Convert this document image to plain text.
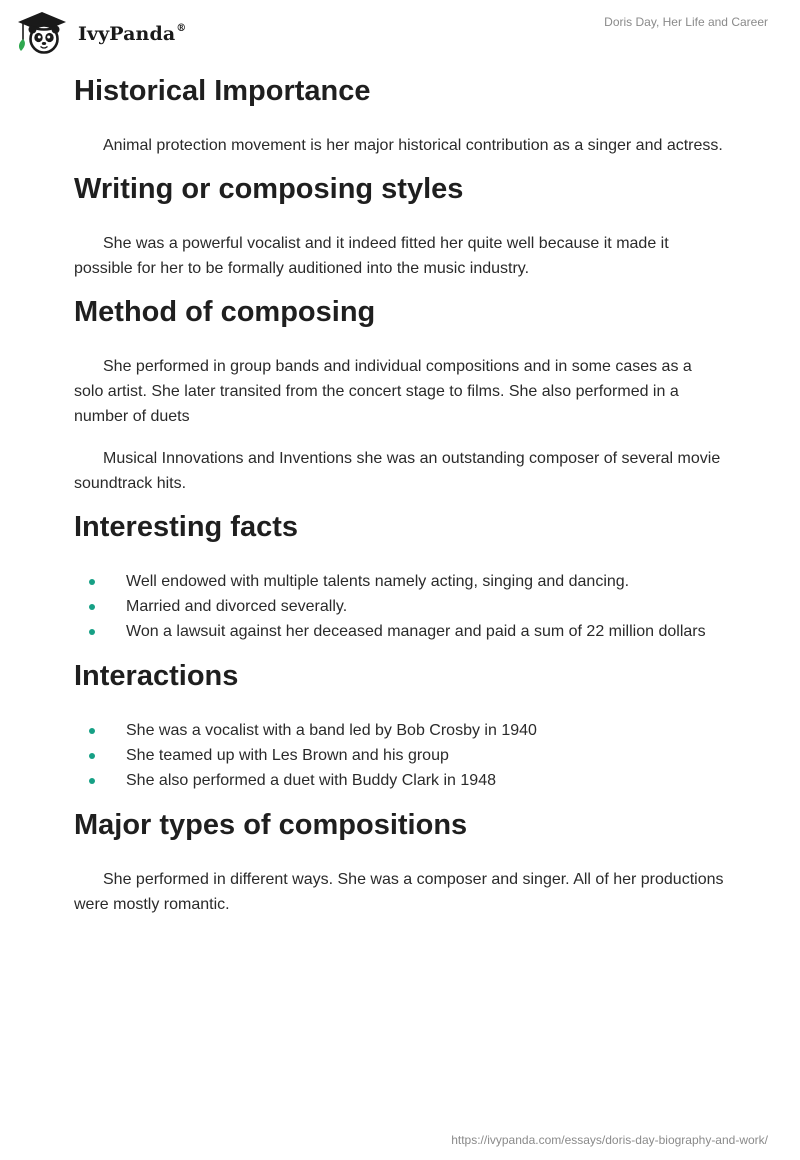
IvyPanda®	Doris Day, Her Life and Career
Historical Importance

Animal protection movement is her major historical contribution as a singer and actress.

Writing or composing styles

She was a powerful vocalist and it indeed fitted her quite well because it made it possible for her to be formally auditioned into the music industry.

Method of composing

She performed in group bands and individual compositions and in some cases as a solo artist. She later transited from the concert stage to films. She also performed in a number of duets

Musical Innovations and Inventions she was an outstanding composer of several movie soundtrack hits.

Interesting facts
Well endowed with multiple talents namely acting, singing and dancing.
Married and divorced severally.
Won a lawsuit against her deceased manager and paid a sum of 22 million dollars
Interactions
She was a vocalist with a band led by Bob Crosby in 1940
She teamed up with Les Brown and his group
She also performed a duet with Buddy Clark in 1948
Major types of compositions

She performed in different ways. She was a composer and singer. All of her productions were mostly romantic.

https://ivypanda.com/essays/doris-day-biography-and-work/
